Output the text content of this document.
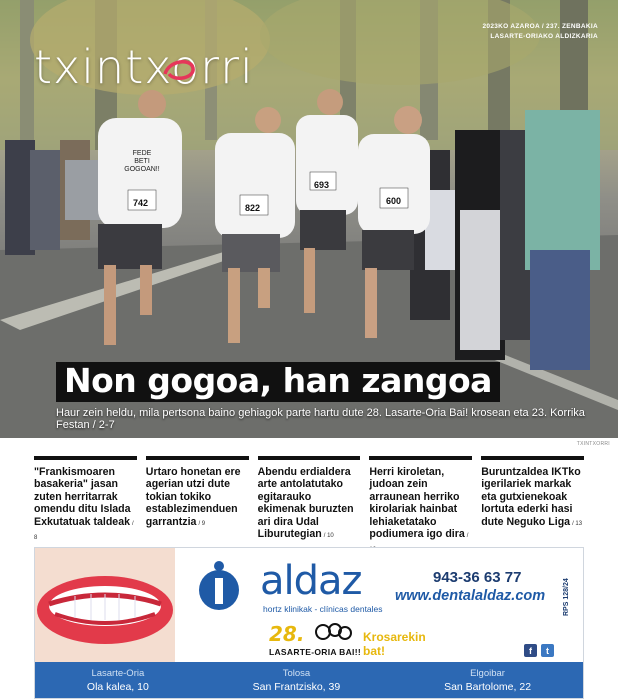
742	822
693
600
FEDE
BETI
GOGOAN!!
txintxorri
2023KO AZAROA / 237. ZENBAKIA
LASARTE-ORIAKO ALDIZKARIA
Non gogoa, han zangoa
Haur zein heldu, mila pertsona baino gehiagok parte hartu dute 28. Lasarte-Oria Bai! krosean eta 23. Korrika Festan / 2-7
TXINTXORRI
"Frankismoaren basakeria" jasan zuten herritarrak omendu ditu Islada Exkutatuak taldeak / 8
Urtaro honetan ere agerian utzi dute tokian tokiko establezimenduen garrantzia / 9
Abendu erdialdera arte antolatutako egitarauko ekimenak buruzten ari dira Udal Liburutegian / 10
Herri kiroletan, judoan zein arraunean herriko kirolariak hainbat lehiaketatako podiumera igo dira /
Buruntzaldea IKTko igerilariek markak eta gutxienekoak lortuta ederki hasi dute Neguko Liga / 13
aldaz
hortz klinikak - clínicas dentales
943-36 63 77
www.dentalaldaz.com
28.
LASARTE-ORIA BAI!!
Krosarekin bat!	f	t
RPS 128/24
Lasarte-Oria
Ola kalea, 10
Tolosa
San Frantzisko, 39
Elgoibar
San Bartolome, 22
